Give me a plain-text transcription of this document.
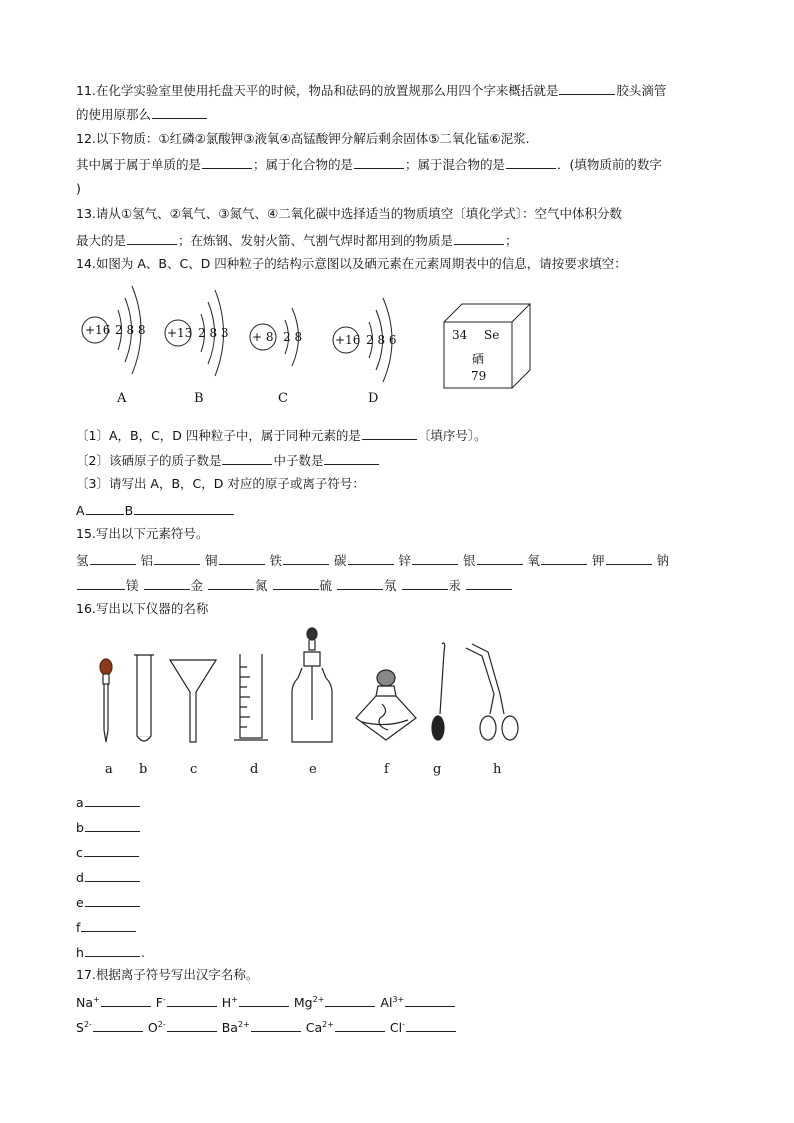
11.在化学实验室里使用托盘天平的时候，物品和砝码的放置规那么用四个字来概括就是	胶头滴管
的使用原那么
12.以下物质：①红磷②氯酸钾③液氧④高锰酸钾分解后剩余固体⑤二氧化锰⑥泥浆.
其中属于属于单质的是	；属于化合物的是	；属于混合物的是	．(填物质前的数字
)
13.请从①氢气、②氧气、③氮气、④二氧化碳中选择适当的物质填空〔填化学式〕：空气中体积分数
最大的是	；在炼钢、发射火箭、气割气焊时都用到的物质是	；
14.如图为 A、B、C、D 四种粒子的结构示意图以及硒元素在元素周期表中的信息，请按要求填空：
+16 2 8 8 +13 2 8 3 + 8 2 8	+16 2 8 6	34 Se
硒
79
A	B	C	D
〔1〕A，B，C，D 四种粒子中，属于同种元素的是	〔填序号〕。
〔2〕该硒原子的质子数是	中子数是
〔3〕请写出 A，B，C，D 对应的原子或离子符号：
A	B
15.写出以下元素符号。
氢	铝	铜	铁	碳	锌	银	氧	钾	钠
镁	金	氮	硫	氖	汞
16.写出以下仪器的名称
a b	c	d	e	f	g	h
a
b
c
d
e
f
h	.
17.根据离子符号写出汉字名称。
Na+	F-	H+	$Mg^{2+}$	$Al^{3+}$
$S^{2-}$	$O^{2-}$	$Ba^{2+}$	$Ca^{2+}$	Cl-
